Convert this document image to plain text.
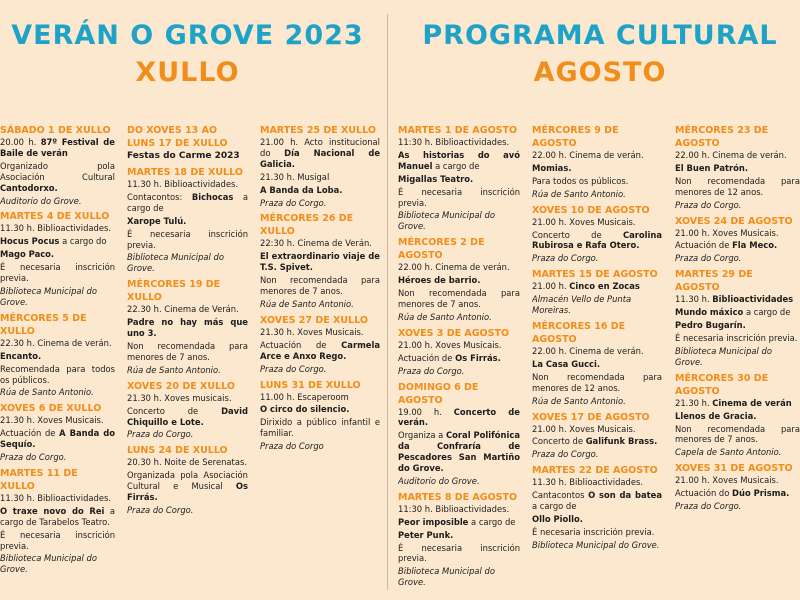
VERÁN O GROVE 2023
XULLO
PROGRAMA CULTURAL
AGOSTO
SÁBADO 1 DE XULLO

20.00 h. 87º Festival de Baile de verán

Organizado pola Asociación Cultural Cantodorxo.

Auditorio do Grove.

MARTES 4 DE XULLO

11.30 h. Biblioactividades.

Hocus Pocus a cargo do

Mago Paco.

É necesaria inscrición previa.

Biblioteca Municipal do Grove.

MÉRCORES 5 DE XULLO

22.30 h. Cinema de verán.

Encanto.

Recomendada para todos os públicos.

Rúa de Santo Antonio.

XOVES 6 DE XULLO

21.30 h. Xoves Musicais.

Actuación de A Banda do Sequío.

Praza do Corgo.

MARTES 11 DE XULLO

11.30 h. Biblioactividades.

O traxe novo do Rei a cargo de Tarabelos Teatro.

É necesaria inscrición previa.

Biblioteca Municipal do Grove.

DO XOVES 13 AO LUNS 17 DE XULLO
Festas do Carme 2023
MARTES 18 DE XULLO

11.30 h. Biblioactividades.

Contacontos: Bichocas a cargo de

Xarope Tulú.

É necesaria inscrición previa.

Biblioteca Municipal do Grove.

MÉRCORES 19 DE XULLO

22.30 h. Cinema de Verán.

Padre no hay más que uno 3.

Non recomendada para menores de 7 anos.

Rúa de Santo Antonio.

XOVES 20 DE XULLO

21.30 h. Xoves musicais.

Concerto de David Chiquillo e Lote.

Praza do Corgo.

LUNS 24 DE XULLO

20.30 h. Noite de Serenatas.

Organizada pola Asociación Cultural e Musical Os Firrás.

Praza do Corgo.

MARTES 25 DE XULLO

21.00 h. Acto institucional do Día Nacional de Galicia.

21.30 h. Musigal

A Banda da Loba.

Praza do Corgo.

MÉRCORES 26 DE XULLO

22:30 h. Cinema de Verán.

El extraordinario viaje de T.S. Spivet.

Non recomendada para menores de 7 anos.

Rúa de Santo Antonio.

XOVES 27 DE XULLO

21.30 h. Xoves Musicais.

Actuación de Carmela Arce e Anxo Rego.

Praza do Corgo.

LUNS 31 DE XULLO

11.00 h. Escaperoom

O circo do silencio.

Dirixido a público infantil e familiar.

Praza do Corgo

MARTES 1 DE AGOSTO

11:30 h. Biblioactividades.

As historias do avó Manuel a cargo de

Migallas Teatro.

É necesaria inscrición previa.

Biblioteca Municipal do Grove.

MÉRCORES 2 DE AGOSTO

22.00 h. Cinema de verán.

Héroes de barrio.

Non recomendada para menores de 7 anos.

Rúa de Santo Antonio.

XOVES 3 DE AGOSTO

21.00 h. Xoves Musicais.

Actuación de Os Firrás.

Praza do Corgo.

DOMINGO 6 DE AGOSTO

19.00 h. Concerto de verán.

Organiza a Coral Polifónica da Confraría de Pescadores San Martiño do Grove.

Auditorio do Grove.

MARTES 8 DE AGOSTO

11:30 h. Biblioactividades.

Peor imposible a cargo de

Peter Punk.

É necesaria inscrición previa.

Biblioteca Municipal do Grove.

MÉRCORES 9 DE AGOSTO

22.00 h. Cinema de verán.

Momias.

Para todos os públicos.

Rúa de Santo Antonio.

XOVES 10 DE AGOSTO

21.00 h. Xoves Musicais.

Concerto de Carolina Rubirosa e Rafa Otero.

Praza do Corgo.

MARTES 15 DE AGOSTO

21.00 h. Cinco en Zocas

Almacén Vello de Punta Moreiras.

MÉRCORES 16 DE AGOSTO

22.00 h. Cinema de verán.

La Casa Gucci.

Non recomendada para menores de 12 anos.

Rúa de Santo Antonio.

XOVES 17 DE AGOSTO

21.00 h. Xoves Musicais.

Concerto de Galifunk Brass.

Praza do Corgo.

MARTES 22 DE AGOSTO

11.30 h. Biblioactividades.

Cantacontos O son da batea a cargo de

Ollo Piollo.

É necesaria inscrición previa.

Biblioteca Municipal do Grove.

MÉRCORES 23 DE AGOSTO

22.00 h. Cinema de verán.

El Buen Patrón.

Non recomendada para menores de 12 anos.

Praza do Corgo.

XOVES 24 DE AGOSTO

21.00 h. Xoves Musicais.

Actuación de Fla Meco.

Praza do Corgo.

MARTES 29 DE AGOSTO

11.30 h. Biblioactividades

Mundo máxico a cargo de

Pedro Bugarín.

É necesaria inscrición previa.

Biblioteca Municipal do Grove.

MÉRCORES 30 DE AGOSTO

21.30 h. Cinema de verán

Llenos de Gracia.

Non recomendada para menores de 7 anos.

Capela de Santo Antonio.

XOVES 31 DE AGOSTO

21.00 h. Xoves Musicais.

Actuación do Dúo Prisma.

Praza do Corgo.
